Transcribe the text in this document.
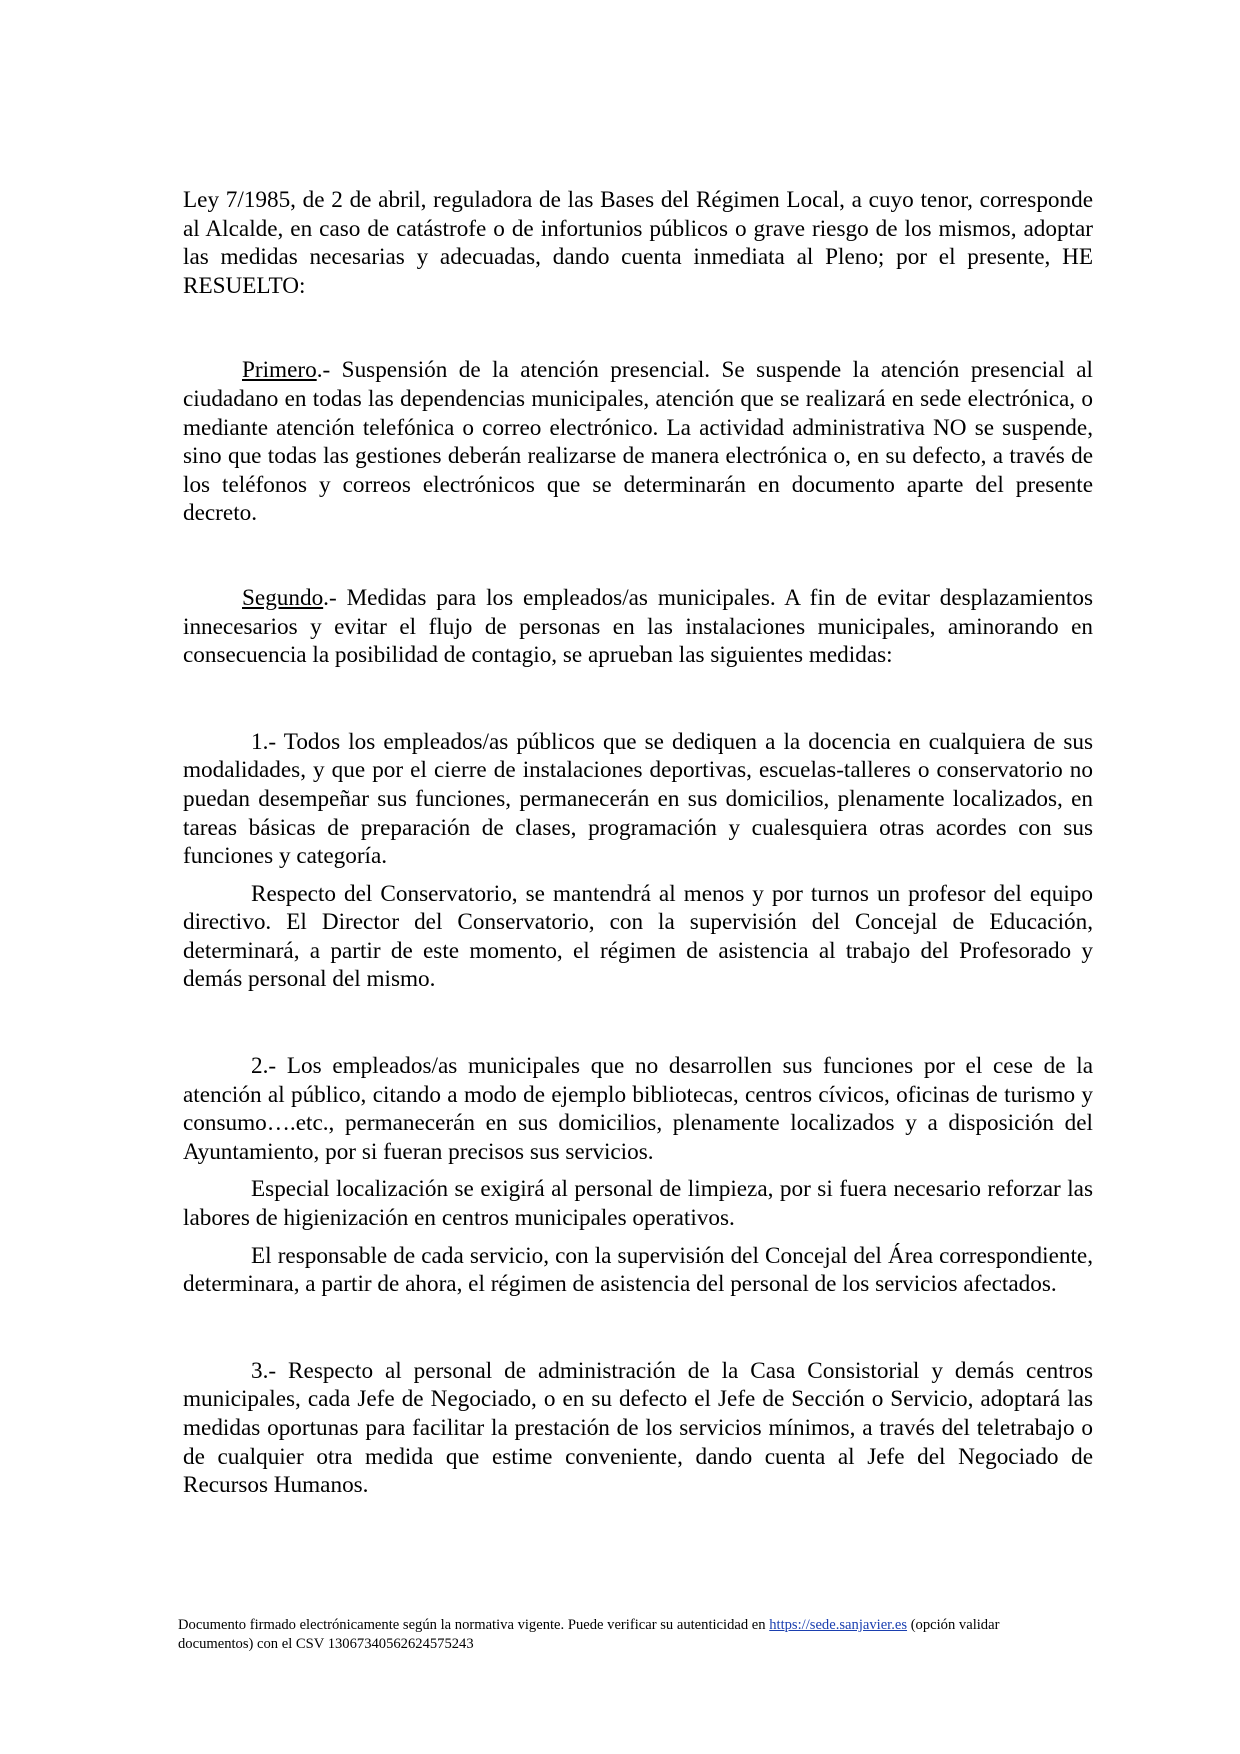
Ley 7/1985, de 2 de abril, reguladora de las Bases del Régimen Local, a cuyo tenor, corresponde al Alcalde, en caso de catástrofe o de infortunios públicos o grave riesgo de los mismos, adoptar las medidas necesarias y adecuadas, dando cuenta inmediata al Pleno; por el presente, HE RESUELTO:

Primero.- Suspensión de la atención presencial. Se suspende la atención presencial al ciudadano en todas las dependencias municipales, atención que se realizará en sede electrónica, o mediante atención telefónica o correo electrónico. La actividad administrativa NO se suspende, sino que todas las gestiones deberán realizarse de manera electrónica o, en su defecto, a través de los teléfonos y correos electrónicos que se determinarán en documento aparte del presente decreto.

Segundo.- Medidas para los empleados/as municipales. A fin de evitar desplazamientos innecesarios y evitar el flujo de personas en las instalaciones municipales, aminorando en consecuencia la posibilidad de contagio, se aprueban las siguientes medidas:

1.- Todos los empleados/as públicos que se dediquen a la docencia en cualquiera de sus modalidades, y que por el cierre de instalaciones deportivas, escuelas-talleres o conservatorio no puedan desempeñar sus funciones, permanecerán en sus domicilios, plenamente localizados, en tareas básicas de preparación de clases, programación y cualesquiera otras acordes con sus funciones y categoría.

Respecto del Conservatorio, se mantendrá al menos y por turnos un profesor del equipo directivo. El Director del Conservatorio, con la supervisión del Concejal de Educación, determinará, a partir de este momento, el régimen de asistencia al trabajo del Profesorado y demás personal del mismo.

2.- Los empleados/as municipales que no desarrollen sus funciones por el cese de la atención al público, citando a modo de ejemplo bibliotecas, centros cívicos, oficinas de turismo y consumo….etc., permanecerán en sus domicilios, plenamente localizados y a disposición del Ayuntamiento, por si fueran precisos sus servicios.

Especial localización se exigirá al personal de limpieza, por si fuera necesario reforzar las labores de higienización en centros municipales operativos.

El responsable de cada servicio, con la supervisión del Concejal del Área correspondiente, determinara, a partir de ahora, el régimen de asistencia del personal de los servicios afectados.

3.- Respecto al personal de administración de la Casa Consistorial y demás centros municipales, cada Jefe de Negociado, o en su defecto el Jefe de Sección o Servicio, adoptará las medidas oportunas para facilitar la prestación de los servicios mínimos, a través del teletrabajo o de cualquier otra medida que estime conveniente, dando cuenta al Jefe del Negociado de Recursos Humanos.

Documento firmado electrónicamente según la normativa vigente. Puede verificar su autenticidad en https://sede.sanjavier.es (opción validar documentos) con el CSV 13067340562624575243
